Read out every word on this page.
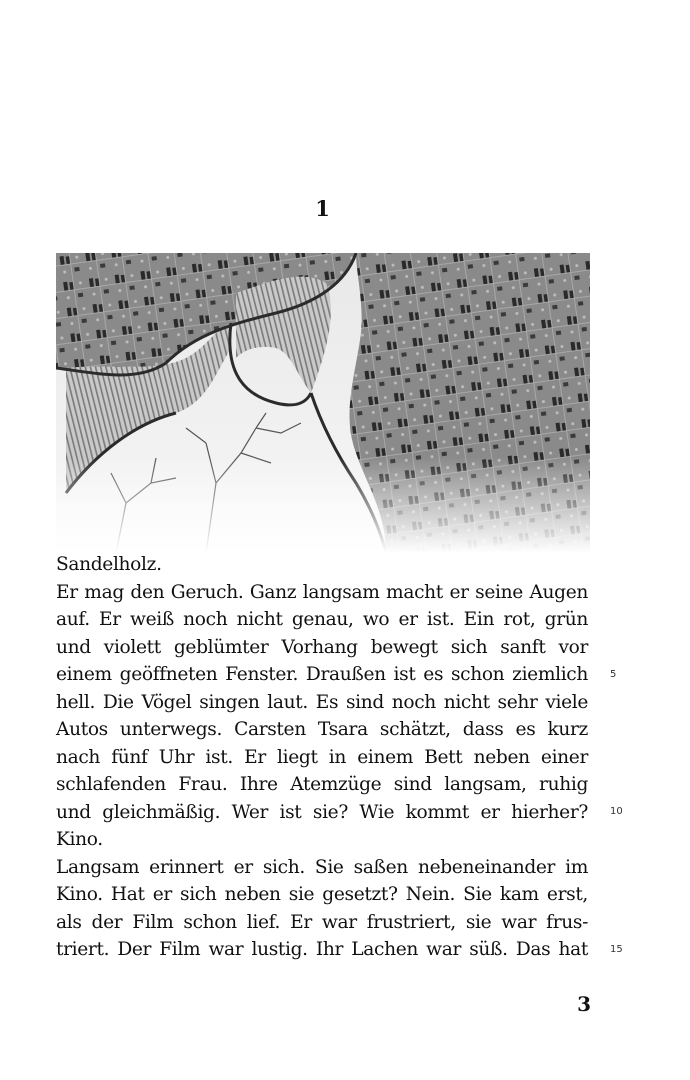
1
Sandelholz.
Er mag den Geruch. Ganz langsam macht er seine Augen
auf. Er weiß noch nicht genau, wo er ist. Ein rot, grün
und violett geblümter Vorhang bewegt sich sanft vor
einem geöffneten Fenster. Draußen ist es schon ziemlich
hell. Die Vögel singen laut. Es sind noch nicht sehr viele
Autos unterwegs. Carsten Tsara schätzt, dass es kurz
nach fünf Uhr ist. Er liegt in einem Bett neben einer
schlafenden Frau. Ihre Atemzüge sind langsam, ruhig
und gleichmäßig. Wer ist sie? Wie kommt er hierher?
Kino.
Langsam erinnert er sich. Sie saßen nebeneinander im
Kino. Hat er sich neben sie gesetzt? Nein. Sie kam erst,
als der Film schon lief. Er war frustriert, sie war frus-
triert. Der Film war lustig. Ihr Lachen war süß. Das hat
5
10
15
3
